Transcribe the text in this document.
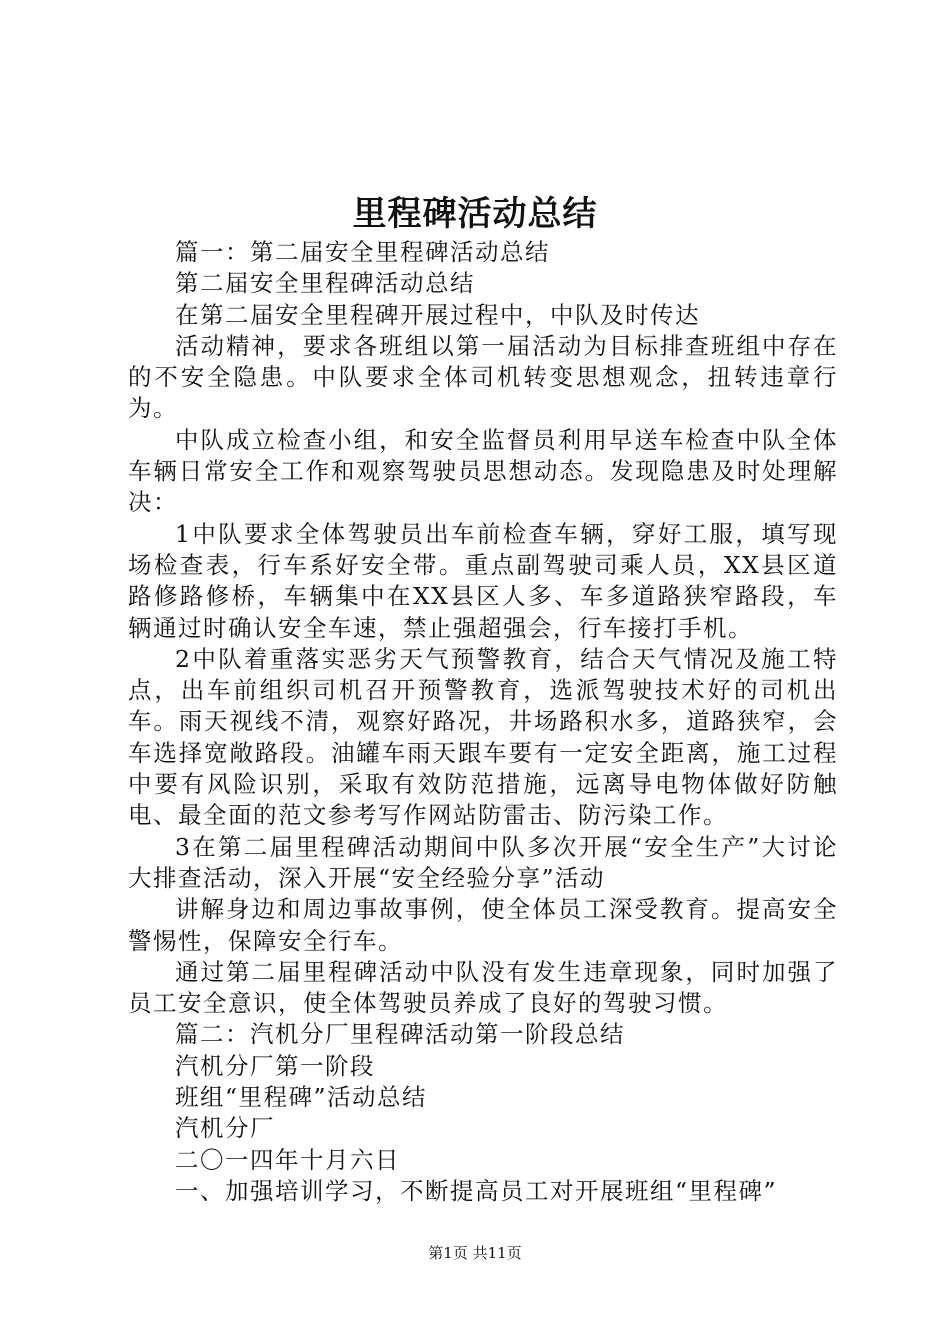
里程碑活动总结

篇一：第二届安全里程碑活动总结

第二届安全里程碑活动总结

在第二届安全里程碑开展过程中，中队及时传达

活动精神，要求各班组以第一届活动为目标排查班组中存在的不安全隐患。中队要求全体司机转变思想观念，扭转违章行为。

中队成立检查小组，和安全监督员利用早送车检查中队全体车辆日常安全工作和观察驾驶员思想动态。发现隐患及时处理解决：

1中队要求全体驾驶员出车前检查车辆，穿好工服，填写现场检查表，行车系好安全带。重点副驾驶司乘人员，XX县区道路修路修桥，车辆集中在XX县区人多、车多道路狭窄路段，车辆通过时确认安全车速，禁止强超强会，行车接打手机。

2中队着重落实恶劣天气预警教育，结合天气情况及施工特点，出车前组织司机召开预警教育，选派驾驶技术好的司机出车。雨天视线不清，观察好路况，井场路积水多，道路狭窄，会车选择宽敞路段。油罐车雨天跟车要有一定安全距离，施工过程中要有风险识别，采取有效防范措施，远离导电物体做好防触电、最全面的范文参考写作网站防雷击、防污染工作。

3在第二届里程碑活动期间中队多次开展“安全生产”大讨论大排查活动，深入开展“安全经验分享”活动

讲解身边和周边事故事例，使全体员工深受教育。提高安全警惕性，保障安全行车。

通过第二届里程碑活动中队没有发生违章现象，同时加强了员工安全意识，使全体驾驶员养成了良好的驾驶习惯。

篇二：汽机分厂里程碑活动第一阶段总结

汽机分厂第一阶段

班组“里程碑”活动总结

汽机分厂

二〇一四年十月六日

一、加强培训学习，不断提高员工对开展班组“里程碑”

第1页 共11页
